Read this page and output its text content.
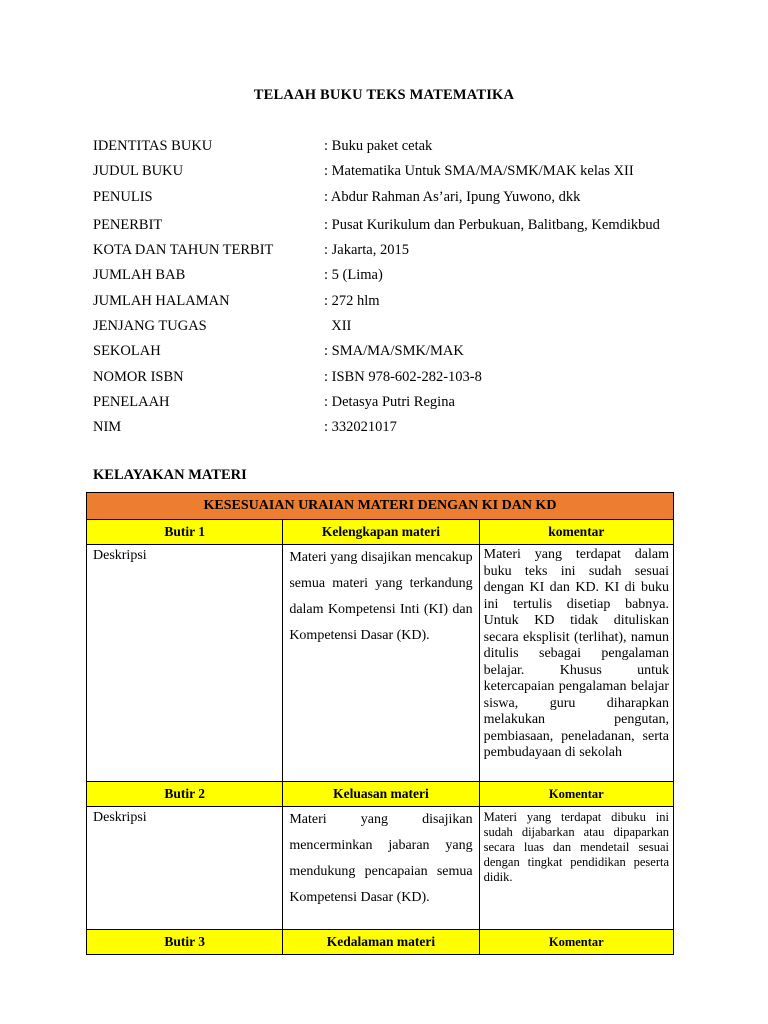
TELAAH BUKU TEKS MATEMATIKA
IDENTITAS BUKU	: Buku paket cetak
JUDUL BUKU	: Matematika Untuk SMA/MA/SMK/MAK kelas XII
PENULIS	: Abdur Rahman As’ari, Ipung Yuwono, dkk
PENERBIT	: Pusat Kurikulum dan Perbukuan, Balitbang, Kemdikbud
KOTA DAN TAHUN TERBIT	: Jakarta, 2015
JUMLAH BAB	: 5 (Lima)
JUMLAH HALAMAN	: 272 hlm
JENJANG TUGAS	XII
SEKOLAH	: SMA/MA/SMK/MAK
NOMOR ISBN	: ISBN 978-602-282-103-8
PENELAAH	: Detasya Putri Regina
NIM	: 332021017
KELAYAKAN MATERI
KESESUAIAN URAIAN MATERI DENGAN KI DAN KD		
Butir 1	Kelengkapan materi	komentar
Deskripsi	Materi yang disajikan mencakup semua materi yang terkandung dalam Kompetensi Inti (KI) dan Kompetensi Dasar (KD).	Materi yang terdapat dalam buku teks ini sudah sesuai dengan KI dan KD. KI di buku ini tertulis disetiap babnya. Untuk KD tidak dituliskan secara eksplisit (terlihat), namun ditulis sebagai pengalaman belajar. Khusus untuk ketercapaian pengalaman belajar siswa, guru diharapkan melakukan pengutan, pembiasaan, peneladanan, serta pembudayaan di sekolah
Butir 2	Keluasan materi	Komentar
Deskripsi	Materi yang disajikan mencerminkan jabaran yang mendukung pencapaian semua Kompetensi Dasar (KD).	Materi yang terdapat dibuku ini sudah dijabarkan atau dipaparkan secara luas dan mendetail sesuai dengan tingkat pendidikan peserta didik.
Butir 3	Kedalaman materi	Komentar
